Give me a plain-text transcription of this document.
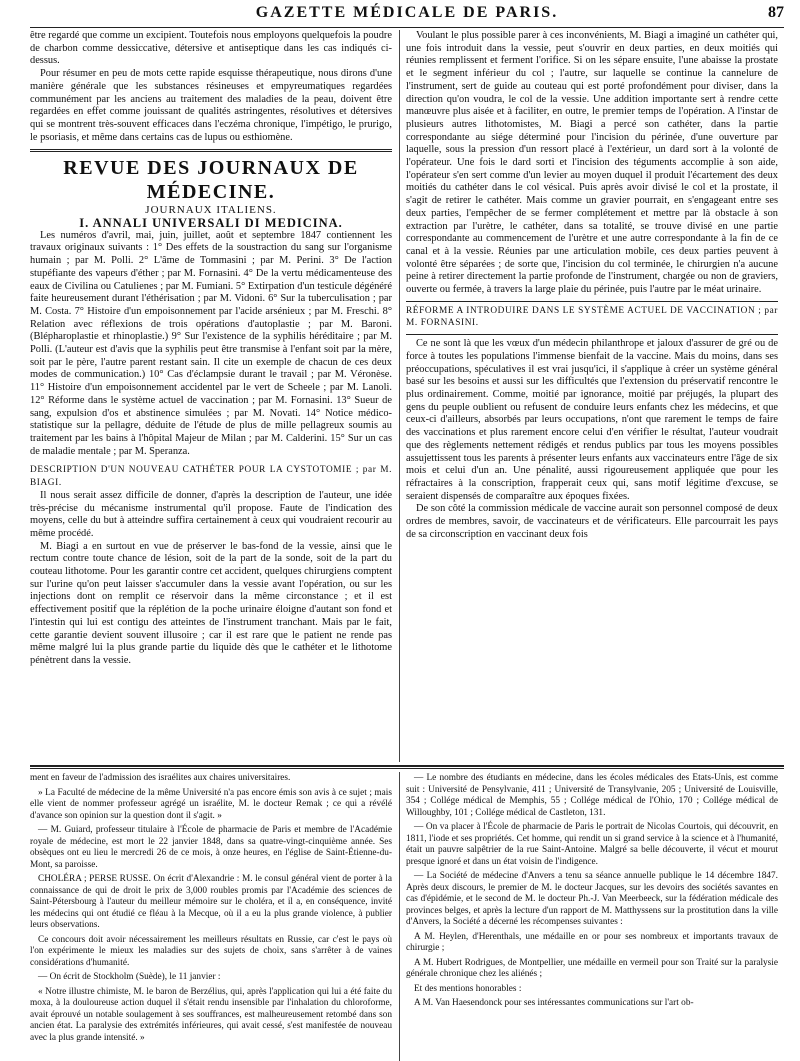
GAZETTE MÉDICALE DE PARIS.	87

être regardé que comme un excipient. Toutefois nous employons quelquefois la poudre de charbon comme dessiccative, détersive et antiseptique dans les cas indiqués ci-dessus.

Pour résumer en peu de mots cette rapide esquisse thérapeutique, nous dirons d'une manière générale que les substances résineuses et empyreumatiques regardées communément par les anciens au traitement des maladies de la peau, doivent être regardées en effet comme jouissant de qualités astringentes, résolutives et détersives qui se montrent très-souvent efficaces dans l'eczéma chronique, l'impétigo, le prurigo, le psoriasis, et même dans certains cas de lupus ou esthiomène.

REVUE DES JOURNAUX DE MÉDECINE.

JOURNAUX ITALIENS.

I. ANNALI UNIVERSALI DI MEDICINA.

Les numéros d'avril, mai, juin, juillet, août et septembre 1847 contiennent les travaux originaux suivants : 1° Des effets de la soustraction du sang sur l'organisme humain ; par M. Polli. 2° L'âme de Tommasini ; par M. Perini. 3° De l'action stupéfiante des vapeurs d'éther ; par M. Fornasini. 4° De la vertu médicamenteuse des eaux de Civilina ou Catulienes ; par M. Fumiani. 5° Extirpation d'un testicule dégénéré faite heureusement durant l'éthérisation ; par M. Vidoni. 6° Sur la tuberculisation ; par M. Costa. 7° Histoire d'un empoisonnement par l'acide arsénieux ; par M. Freschi. 8° Relation avec réflexions de trois opérations d'autoplastie ; par M. Baroni. (Blépharoplastie et rhinoplastie.) 9° Sur l'existence de la syphilis héréditaire ; par M. Polli. (L'auteur est d'avis que la syphilis peut être transmise à l'enfant soit par la mère, soit par le père, l'autre parent restant sain. Il cite un exemple de chacun de ces deux modes de communication.) 10° Cas d'éclampsie durant le travail ; par M. Véronèse. 11° Histoire d'un empoisonnement accidentel par le vert de Scheele ; par M. Lanoli. 12° Réforme dans le système actuel de vaccination ; par M. Fornasini. 13° Sueur de sang, expulsion d'os et abstinence simulées ; par M. Novati. 14° Notice médico-statistique sur la pellagre, déduite de l'étude de plus de mille pellagreux soumis au traitement par les bains à l'hôpital Majeur de Milan ; par M. Calderini. 15° Sur un cas de maladie mentale ; par M. Speranza.

DESCRIPTION D'UN NOUVEAU CATHÉTER POUR LA CYSTOTOMIE ; par M. BIAGI.

Il nous serait assez difficile de donner, d'après la description de l'auteur, une idée très-précise du mécanisme instrumental qu'il propose. Faute de l'indication des moyens, celle du but à atteindre suffira certainement à ceux qui voudraient recourir au même procédé.

M. Biagi a en surtout en vue de préserver le bas-fond de la vessie, ainsi que le rectum contre toute chance de lésion, soit de la part de la sonde, soit de la part du couteau lithotome. Pour les garantir contre cet accident, quelques chirurgiens comptent sur l'urine qu'on peut laisser s'accumuler dans la vessie avant l'opération, ou sur les injections dont on remplit ce réservoir dans la même circonstance ; et il est effectivement positif que la réplétion de la poche urinaire éloigne d'autant son fond et l'intestin qui lui est contigu des atteintes de l'instrument tranchant. Mais par le fait, cette garantie devient souvent illusoire ; car il est rare que le patient ne rende pas même malgré lui la plus grande partie du liquide dès que le cathéter et le lithotome pénètrent dans la vessie.

Voulant le plus possible parer à ces inconvénients, M. Biagi a imaginé un cathéter qui, une fois introduit dans la vessie, peut s'ouvrir en deux parties, en deux moitiés qui réunies remplissent et ferment l'orifice. Si on les sépare ensuite, l'une abaisse la prostate et le segment inférieur du col ; l'autre, sur laquelle se continue la cannelure de l'instrument, sert de guide au couteau qui est porté profondément pour diviser, dans la direction qu'on voudra, le col de la vessie. Une addition importante sert à rendre cette manœuvre plus aisée et à faciliter, en outre, le premier temps de l'opération. A l'instar de plusieurs autres lithotomistes, M. Biagi a percé son cathéter, dans la partie correspondante au siége déterminé pour l'incision du périnée, d'une ouverture par laquelle, sous la pression d'un ressort placé à l'extérieur, un dard sort à la volonté de l'opérateur. Une fois le dard sorti et l'incision des téguments accomplie à son aide, l'opérateur s'en sert comme d'un levier au moyen duquel il produit l'écartement des deux moitiés du cathéter dans le col vésical. Puis après avoir divisé le col et la prostate, il s'agit de retirer le cathéter. Mais comme un gravier pourrait, en s'engageant entre ses deux parties, l'empêcher de se fermer complétement et mettre par là obstacle à son extraction par l'urètre, le cathéter, dans sa totalité, se trouve divisé en une partie correspondante au commencement de l'urètre et une autre correspondante à la fin de ce canal et à la vessie. Réunies par une articulation mobile, ces deux parties peuvent à volonté être séparées ; de sorte que, l'incision du col terminée, le chirurgien n'a aucune peine à retirer directement la partie profonde de l'instrument, chargée ou non de graviers, ouverte ou fermée, à travers la large plaie du périnée, puis l'autre par le méat urinaire.

RÉFORME A INTRODUIRE DANS LE SYSTÈME ACTUEL DE VACCINATION ; par M. FORNASINI.

Ce ne sont là que les vœux d'un médecin philanthrope et jaloux d'assurer de gré ou de force à toutes les populations l'immense bienfait de la vaccine. Mais du moins, dans ses préoccupations, spéculatives il est vrai jusqu'ici, il s'applique à créer un système général basé sur les besoins et aussi sur les difficultés que l'extension du préservatif rencontre le plus ordinairement. Comme, moitié par ignorance, moitié par préjugés, la plupart des gens du peuple oublient ou refusent de conduire leurs enfants chez les médecins, et que ceux-ci d'ailleurs, absorbés par leurs occupations, n'ont que rarement le temps de faire des vaccinations et plus rarement encore celui d'en vérifier le résultat, l'auteur voudrait que des règlements nettement rédigés et rendus publics par tous les moyens possibles assujettissent tous les parents à présenter leurs enfants aux vaccinateurs entre l'âge de six mois et celui d'un an. Une pénalité, aussi rigoureusement appliquée que pour les réfractaires à la conscription, frapperait ceux qui, sans motif légitime d'excuse, se seraient dispensés de comparaître aux époques fixées.

De son côté la commission médicale de vaccine aurait son personnel composé de deux ordres de membres, savoir, de vaccinateurs et de vérificateurs. Elle parcourrait les pays de sa circonscription en vaccinant deux fois

ment en faveur de l'admission des israélites aux chaires universitaires.

» La Faculté de médecine de la même Université n'a pas encore émis son avis à ce sujet ; mais elle vient de nommer professeur agrégé un israélite, M. le docteur Remak ; ce qui a révélé d'avance son opinion sur la question dont il s'agit. »

— M. Guiard, professeur titulaire à l'École de pharmacie de Paris et membre de l'Académie royale de médecine, est mort le 22 janvier 1848, dans sa quatre-vingt-cinquième année. Ses obsèques ont eu lieu le mercredi 26 de ce mois, à onze heures, en l'église de Saint-Étienne-du-Mont, sa paroisse.

CHOLÉRA ; PERSE RUSSE. On écrit d'Alexandrie : M. le consul général vient de porter à la connaissance de qui de droit le prix de 3,000 roubles promis par l'Académie des sciences de Saint-Pétersbourg à l'auteur du meilleur mémoire sur le choléra, et il a, en conséquence, invité les médecins qui ont étudié ce fléau à la Mecque, où il a eu la plus grande violence, à publier leurs observations.

Ce concours doit avoir nécessairement les meilleurs résultats en Russie, car c'est le pays où l'on expérimente le mieux les maladies sur des sujets de choix, sans s'arrêter à de vaines considérations d'humanité.

— On écrit de Stockholm (Suède), le 11 janvier :

« Notre illustre chimiste, M. le baron de Berzélius, qui, après l'application qui lui a été faite du moxa, à la douloureuse action duquel il s'était rendu insensible par l'inhalation du chloroforme, avait éprouvé un notable soulagement à ses souffrances, est malheureusement retombé dans son ancien état. La paralysie des extrémités inférieures, qui avait cessé, s'est manifestée de nouveau avec la plus grande intensité. »

— Le nombre des étudiants en médecine, dans les écoles médicales des États-Unis, est comme suit : Université de Pensylvanie, 411 ; Université de Transylvanie, 205 ; Université de Louisville, 354 ; Collége médical de Memphis, 55 ; Collége médical de l'Ohio, 170 ; Collége médical de Willoughby, 101 ; Collége médical de Castleton, 131.

— On va placer à l'École de pharmacie de Paris le portrait de Nicolas Courtois, qui découvrit, en 1811, l'iode et ses propriétés. Cet homme, qui rendit un si grand service à la science et à l'humanité, était un pauvre salpêtrier de la rue Saint-Antoine. Malgré sa belle découverte, il vécut et mourut presque ignoré et dans un état voisin de l'indigence.

— La Société de médecine d'Anvers a tenu sa séance annuelle publique le 14 décembre 1847. Après deux discours, le premier de M. le docteur Jacques, sur les devoirs des sociétés savantes en cas d'épidémie, et le second de M. le docteur Ph.-J. Van Meerbeeck, sur la fédération médicale des provinces belges, et après la lecture d'un rapport de M. Matthyssens sur la prostitution dans la ville d'Anvers, la Société a décerné les récompenses suivantes :

A M. Heylen, d'Herenthals, une médaille en or pour ses nombreux et importants travaux de chirurgie ;

A M. Hubert Rodrigues, de Montpellier, une médaille en vermeil pour son Traité sur la paralysie générale chronique chez les aliénés ;

Et des mentions honorables :

A M. Van Haesendonck pour ses intéressantes communications sur l'art ob-
